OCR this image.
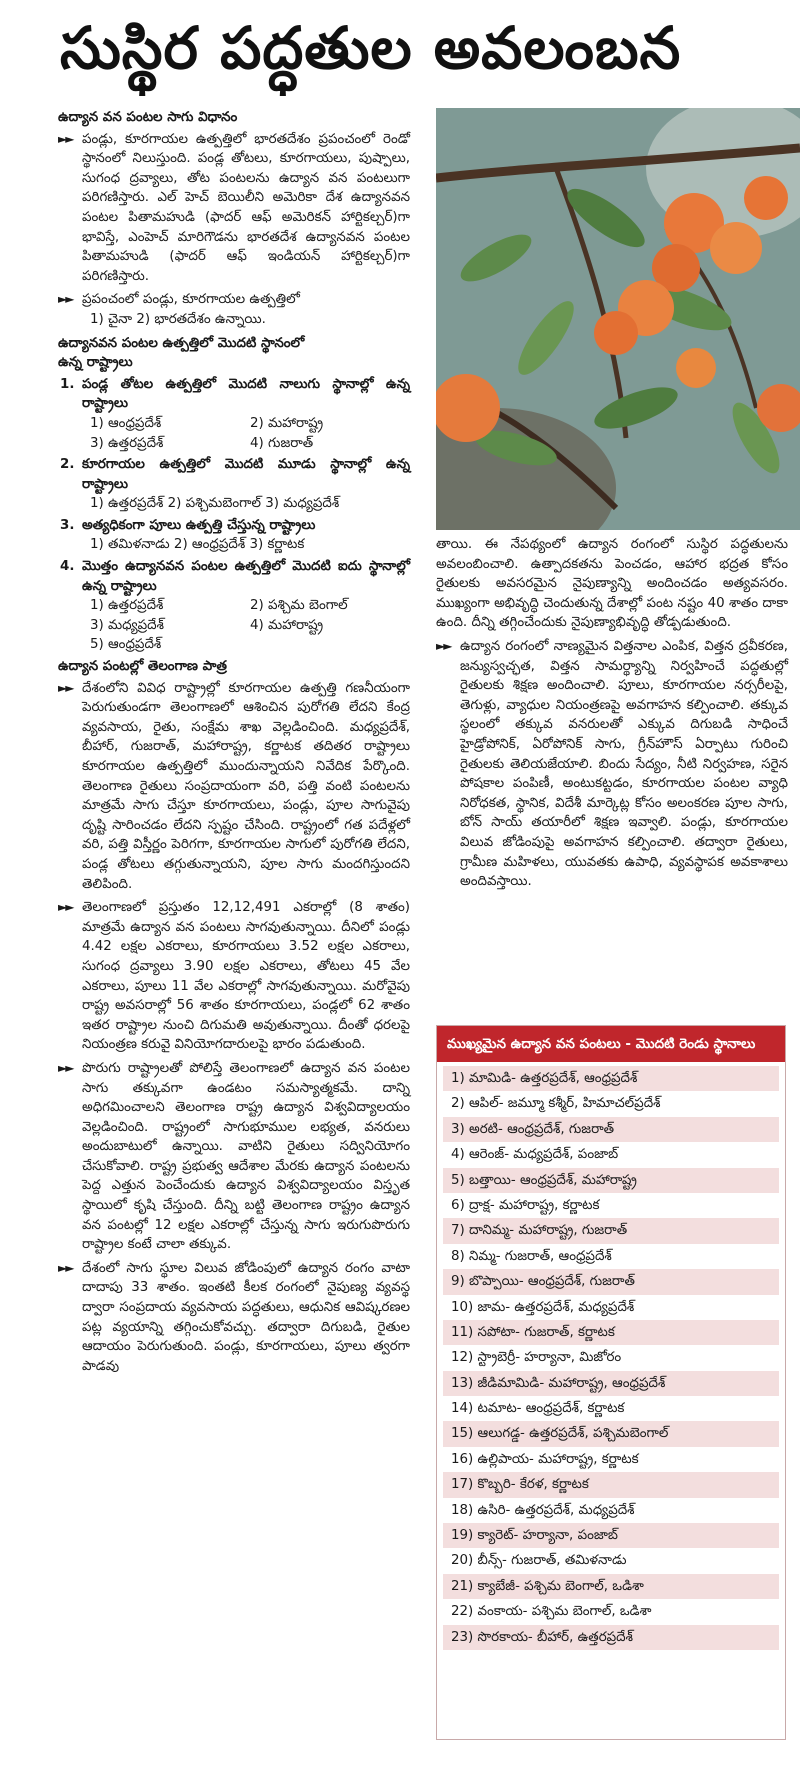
సుస్థిర పద్ధతుల అవలంబన
ఉద్యాన వన పంటల సాగు విధానం
►► పండ్లు, కూరగాయల ఉత్పత్తిలో భారతదేశం ప్రపంచంలో రెండో స్థానంలో నిలుస్తుంది. పండ్ల తోటలు, కూరగాయలు, పుష్పాలు, సుగంధ ద్రవ్యాలు, తోట పంటలను ఉద్యాన వన పంటలుగా పరిగణిస్తారు. ఎల్ హెచ్ బెయిలీని అమెరికా దేశ ఉద్యానవన పంటల పితామహుడి (ఫాదర్ ఆఫ్ అమెరికన్ హార్టికల్చర్)గా భావిస్తే, ఎంహెచ్ మారిగౌడను భారతదేశ ఉద్యానవన పంటల పితామహుడి (ఫాదర్ ఆఫ్ ఇండియన్ హార్టికల్చర్)గా పరిగణిస్తారు.
►► ప్రపంచంలో పండ్లు, కూరగాయల ఉత్పత్తిలో
1) చైనా 2) భారతదేశం ఉన్నాయి.
ఉద్యానవన పంటల ఉత్పత్తిలో మొదటి స్థానంలో
ఉన్న రాష్ట్రాలు
1. పండ్ల తోటల ఉత్పత్తిలో మొదటి నాలుగు స్థానాల్లో ఉన్న రాష్ట్రాలు
1) ఆంధ్రప్రదేశ్	2) మహారాష్ట్ర
3) ఉత్తరప్రదేశ్	4) గుజరాత్
2. కూరగాయల ఉత్పత్తిలో మొదటి మూడు స్థానాల్లో ఉన్న రాష్ట్రాలు
1) ఉత్తరప్రదేశ్ 2) పశ్చిమబెంగాల్ 3) మధ్యప్రదేశ్
3. అత్యధికంగా పూలు ఉత్పత్తి చేస్తున్న రాష్ట్రాలు
1) తమిళనాడు 2) ఆంధ్రప్రదేశ్ 3) కర్ణాటక
4. మొత్తం ఉద్యానవన పంటల ఉత్పత్తిలో మొదటి ఐదు స్థానాల్లో ఉన్న రాష్ట్రాలు
1) ఉత్తరప్రదేశ్	2) పశ్చిమ బెంగాల్
3) మధ్యప్రదేశ్	4) మహారాష్ట్ర
5) ఆంధ్రప్రదేశ్
ఉద్యాన పంటల్లో తెలంగాణ పాత్ర
►► దేశంలోని వివిధ రాష్ట్రాల్లో కూరగాయల ఉత్పత్తి గణనీయంగా పెరుగుతుండగా తెలంగాణలో ఆశించిన పురోగతి లేదని కేంద్ర వ్యవసాయ, రైతు, సంక్షేమ శాఖ వెల్లడించింది. మధ్యప్రదేశ్, బీహార్, గుజరాత్, మహారాష్ట్ర, కర్ణాటక తదితర రాష్ట్రాలు కూరగాయల ఉత్పత్తిలో ముందున్నాయని నివేదిక పేర్కొంది. తెలంగాణ రైతులు సంప్రదాయంగా వరి, పత్తి వంటి పంటలను మాత్రమే సాగు చేస్తూ కూరగాయలు, పండ్లు, పూల సాగువైపు దృష్టి సారించడం లేదని స్పష్టం చేసింది. రాష్ట్రంలో గత పదేళ్లలో వరి, పత్తి విస్తీర్ణం పెరిగగా, కూరగాయల సాగులో పురోగతి లేదని, పండ్ల తోటలు తగ్గుతున్నాయని, పూల సాగు మందగిస్తుందని తెలిపింది.
►► తెలంగాణలో ప్రస్తుతం 12,12,491 ఎకరాల్లో (8 శాతం) మాత్రమే ఉద్యాన వన పంటలు సాగవుతున్నాయి. దీనిలో పండ్లు 4.42 లక్షల ఎకరాలు, కూరగాయలు 3.52 లక్షల ఎకరాలు, సుగంధ ద్రవ్యాలు 3.90 లక్షల ఎకరాలు, తోటలు 45 వేల ఎకరాలు, పూలు 11 వేల ఎకరాల్లో సాగవుతున్నాయి. మరోవైపు రాష్ట్ర అవసరాల్లో 56 శాతం కూరగాయలు, పండ్లలో 62 శాతం ఇతర రాష్ట్రాల నుంచి దిగుమతి అవుతున్నాయి. దీంతో ధరలపై నియంత్రణ కరువై వినియోగదారులపై భారం పడుతుంది.
►► పొరుగు రాష్ట్రాలతో పోలిస్తే తెలంగాణలో ఉద్యాన వన పంటల సాగు తక్కువగా ఉండటం సమస్యాత్మకమే. దాన్ని అధిగమించాలని తెలంగాణ రాష్ట్ర ఉద్యాన విశ్వవిద్యాలయం వెల్లడించింది. రాష్ట్రంలో సాగుభూముల లభ్యత, వనరులు అందుబాటులో ఉన్నాయి. వాటిని రైతులు సద్వినియోగం చేసుకోవాలి. రాష్ట్ర ప్రభుత్వ ఆదేశాల మేరకు ఉద్యాన పంటలను పెద్ద ఎత్తున పెంచేందుకు ఉద్యాన విశ్వవిద్యాలయం విస్తృత స్థాయిలో కృషి చేస్తుంది. దీన్ని బట్టి తెలంగాణ రాష్ట్రం ఉద్యాన వన పంటల్లో 12 లక్షల ఎకరాల్లో చేస్తున్న సాగు ఇరుగుపొరుగు రాష్ట్రాల కంటే చాలా తక్కువ.
►► దేశంలో సాగు స్థూల విలువ జోడింపులో ఉద్యాన రంగం వాటా దాదాపు 33 శాతం. ఇంతటి కీలక రంగంలో నైపుణ్య వ్యవస్థ ద్వారా సంప్రదాయ వ్యవసాయ పద్ధతులు, ఆధునిక ఆవిష్కరణల పట్ల వ్యయాన్ని తగ్గించుకోవచ్చు. తద్వారా దిగుబడి, రైతుల ఆదాయం పెరుగుతుంది. పండ్లు, కూరగాయలు, పూలు త్వరగా పాడవు
తాయి. ఈ నేపథ్యంలో ఉద్యాన రంగంలో సుస్థిర పద్ధతులను అవలంబించాలి. ఉత్పాదకతను పెంచడం, ఆహార భద్రత కోసం రైతులకు అవసరమైన నైపుణ్యాన్ని అందించడం అత్యవసరం. ముఖ్యంగా అభివృద్ధి చెందుతున్న దేశాల్లో పంట నష్టం 40 శాతం దాకా ఉంది. దీన్ని తగ్గించేందుకు నైపుణ్యాభివృద్ధి తోడ్పడుతుంది.
►► ఉద్యాన రంగంలో నాణ్యమైన విత్తనాల ఎంపిక, విత్తన ద్రవీకరణ, జన్యుస్వచ్ఛత, విత్తన సామర్థ్యాన్ని నిర్వహించే పద్ధతుల్లో రైతులకు శిక్షణ అందించాలి. పూలు, కూరగాయల నర్సరీలపై, తెగుళ్లు, వ్యాధుల నియంత్రణపై అవగాహన కల్పించాలి. తక్కువ స్థలంలో తక్కువ వనరులతో ఎక్కువ దిగుబడి సాధించే హైడ్రోపోనిక్, ఏరోపోనిక్ సాగు, గ్రీన్‌హౌస్ ఏర్పాటు గురించి రైతులకు తెలియజేయాలి. బిందు సేద్యం, నీటి నిర్వహణ, సరైన పోషకాల పంపిణీ, అంటుకట్టడం, కూరగాయల పంటల వ్యాధి నిరోధకత, స్థానిక, విదేశీ మార్కెట్ల కోసం అలంకరణ పూల సాగు, బోన్ సాయ్ తయారీలో శిక్షణ ఇవ్వాలి. పండ్లు, కూరగాయల విలువ జోడింపుపై అవగాహన కల్పించాలి. తద్వారా రైతులు, గ్రామీణ మహిళలు, యువతకు ఉపాధి, వ్యవస్థాపక అవకాశాలు అందివస్తాయి.
ముఖ్యమైన ఉద్యాన వన పంటలు - మొదటి రెండు స్థానాలు
1) మామిడి- ఉత్తరప్రదేశ్, ఆంధ్రప్రదేశ్
2) ఆపిల్- జమ్మూ కశ్మీర్, హిమాచల్‌ప్రదేశ్
3) అరటి- ఆంధ్రప్రదేశ్, గుజరాత్
4) ఆరెంజ్- మధ్యప్రదేశ్, పంజాబ్
5) బత్తాయి- ఆంధ్రప్రదేశ్, మహారాష్ట్ర
6) ద్రాక్ష- మహారాష్ట్ర, కర్ణాటక
7) దానిమ్మ- మహారాష్ట్ర, గుజరాత్
8) నిమ్మ- గుజరాత్, ఆంధ్రప్రదేశ్
9) బొప్పాయి- ఆంధ్రప్రదేశ్, గుజరాత్
10) జామ- ఉత్తరప్రదేశ్, మధ్యప్రదేశ్
11) సపోటా- గుజరాత్, కర్ణాటక
12) స్ట్రాబెర్రీ- హర్యానా, మిజోరం
13) జీడిమామిడి- మహారాష్ట్ర, ఆంధ్రప్రదేశ్
14) టమాట- ఆంధ్రప్రదేశ్, కర్ణాటక
15) ఆలుగడ్డ- ఉత్తరప్రదేశ్, పశ్చిమబెంగాల్
16) ఉల్లిపాయ- మహారాష్ట్ర, కర్ణాటక
17) కొబ్బరి- కేరళ, కర్ణాటక
18) ఉసిరి- ఉత్తరప్రదేశ్, మధ్యప్రదేశ్
19) క్యారెట్- హర్యానా, పంజాబ్
20) బీన్స్- గుజరాత్, తమిళనాడు
21) క్యాబేజీ- పశ్చిమ బెంగాల్, ఒడిశా
22) వంకాయ- పశ్చిమ బెంగాల్, ఒడిశా
23) సొరకాయ- బీహార్, ఉత్తరప్రదేశ్
